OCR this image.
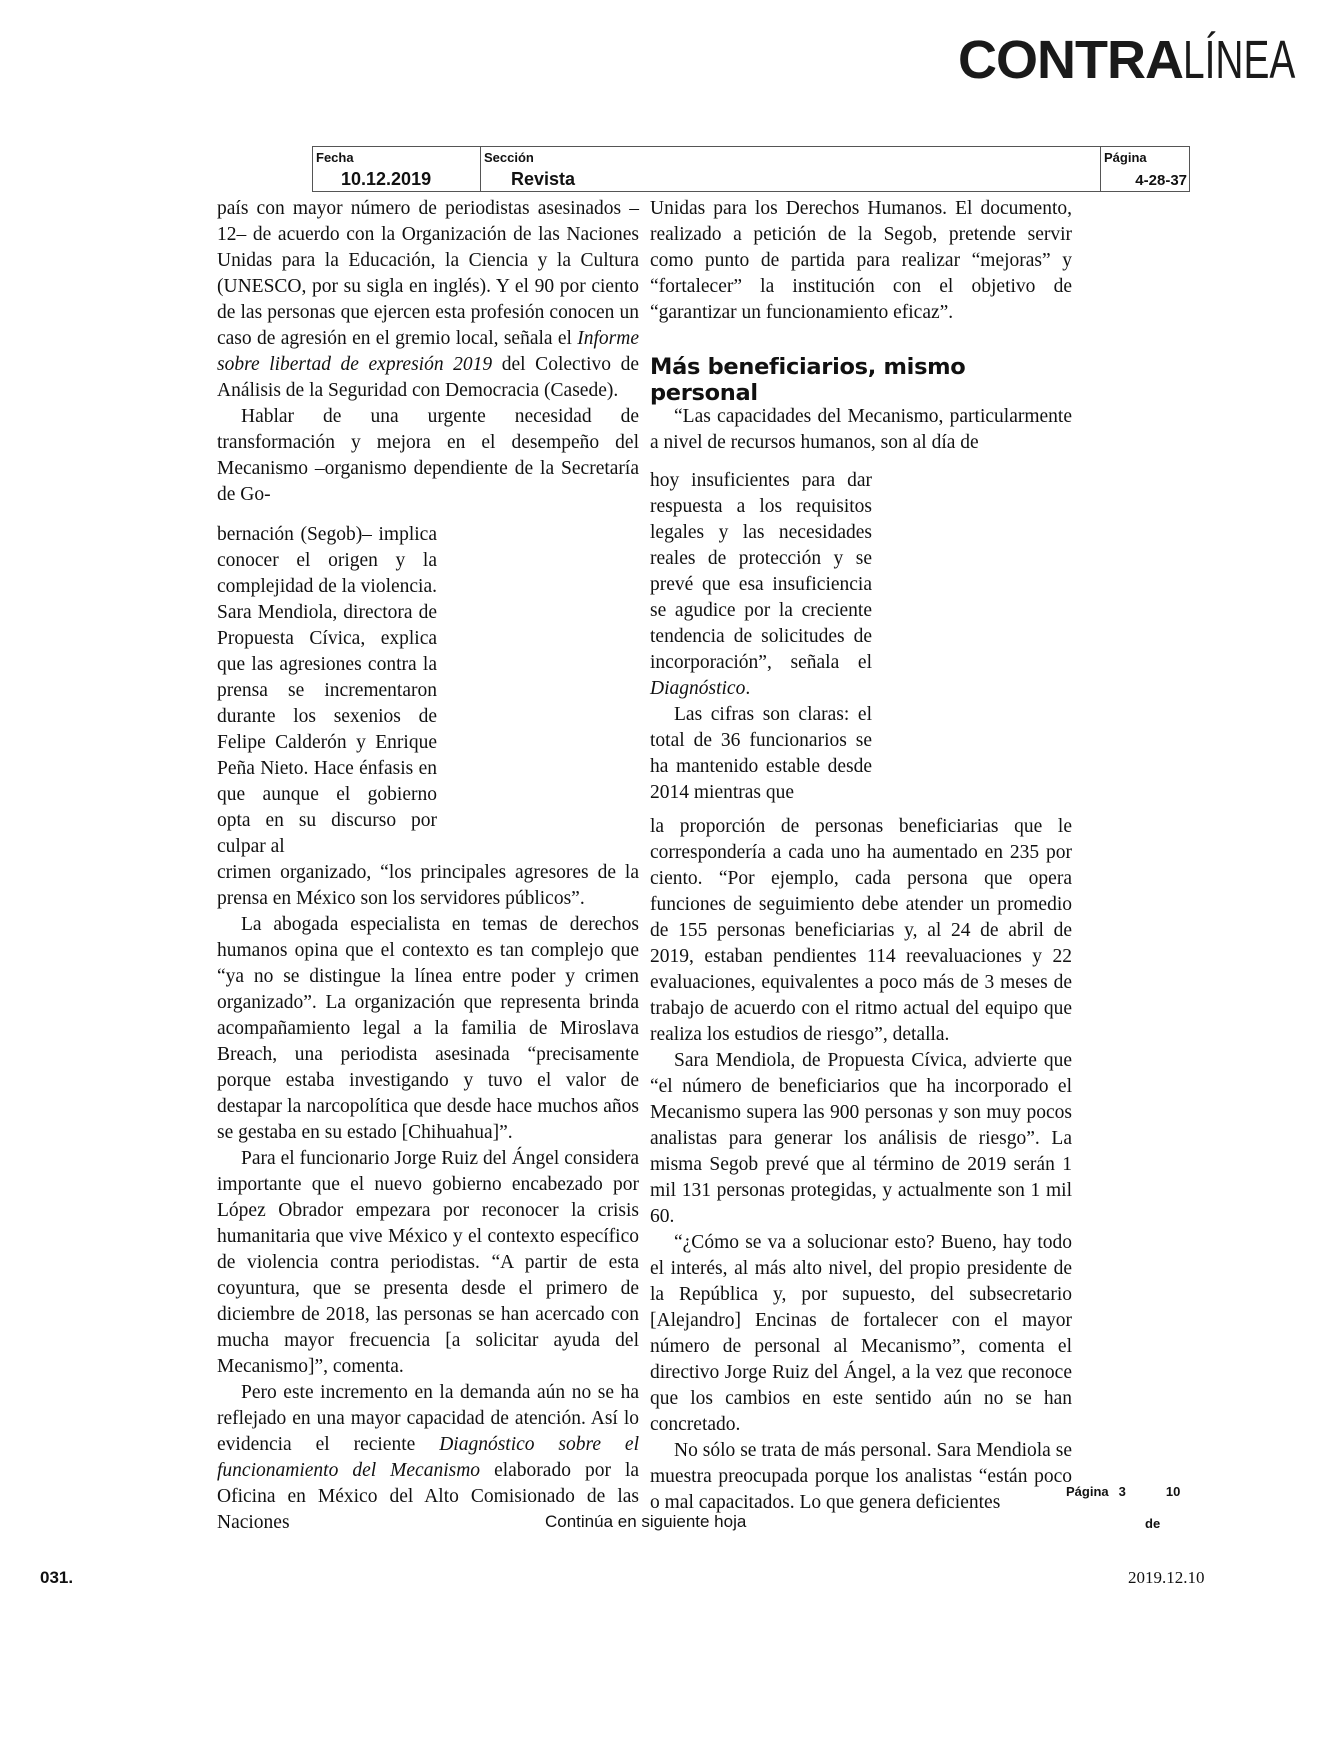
CONTRA LÍNEA
Fecha
10.12.2019
Sección
Revista
Página
4-28-37

país con mayor número de periodistas asesinados –12– de acuerdo con la Organización de las Naciones Unidas para la Educación, la Ciencia y la Cultura (UNESCO, por su sigla en inglés). Y el 90 por ciento de las personas que ejercen esta profesión conocen un caso de agresión en el gremio local, señala el Informe sobre libertad de expresión 2019 del Colectivo de Análisis de la Seguridad con Democracia (Casede).

Hablar de una urgente necesidad de transformación y mejora en el desempeño del Mecanismo –organismo dependiente de la Secretaría de Go-

bernación (Segob)– implica conocer el origen y la complejidad de la violencia. Sara Mendiola, directora de Propuesta Cívica, explica que las agresiones contra la prensa se incrementaron durante los sexenios de Felipe Calderón y Enrique Peña Nieto. Hace énfasis en que aunque el gobierno opta en su discurso por culpar al

crimen organizado, “los principales agresores de la prensa en México son los servidores públicos”.

La abogada especialista en temas de derechos humanos opina que el contexto es tan complejo que “ya no se distingue la línea entre poder y crimen organizado”. La organización que representa brinda acompañamiento legal a la familia de Miroslava Breach, una periodista asesinada “precisamente porque estaba investigando y tuvo el valor de destapar la narcopolítica que desde hace muchos años se gestaba en su estado [Chihuahua]”.

Para el funcionario Jorge Ruiz del Ángel considera importante que el nuevo gobierno encabezado por López Obrador empezara por reconocer la crisis humanitaria que vive México y el contexto específico de violencia contra periodistas. “A partir de esta coyuntura, que se presenta desde el primero de diciembre de 2018, las personas se han acercado con mucha mayor frecuencia [a solicitar ayuda del Mecanismo]”, comenta.

Pero este incremento en la demanda aún no se ha reflejado en una mayor capacidad de atención. Así lo evidencia el reciente Diagnóstico sobre el funcionamiento del Mecanismo elaborado por la Oficina en México del Alto Comisionado de las Naciones

Unidas para los Derechos Humanos. El documento, realizado a petición de la Segob, pretende servir como punto de partida para realizar “mejoras” y “fortalecer” la institución con el objetivo de “garantizar un funcionamiento eficaz”.

Más beneficiarios, mismo personal

“Las capacidades del Mecanismo, particularmente a nivel de recursos humanos, son al día de

hoy insuficientes para dar respuesta a los requisitos legales y las necesidades reales de protección y se prevé que esa insuficiencia se agudice por la creciente tendencia de solicitudes de incorporación”, señala el Diagnóstico.

Las cifras son claras: el total de 36 funcionarios se ha mantenido estable desde 2014 mientras que

la proporción de personas beneficiarias que le correspondería a cada uno ha aumentado en 235 por ciento. “Por ejemplo, cada persona que opera funciones de seguimiento debe atender un promedio de 155 personas beneficiarias y, al 24 de abril de 2019, estaban pendientes 114 reevaluaciones y 22 evaluaciones, equivalentes a poco más de 3 meses de trabajo de acuerdo con el ritmo actual del equipo que realiza los estudios de riesgo”, detalla.

Sara Mendiola, de Propuesta Cívica, advierte que “el número de beneficiarios que ha incorporado el Mecanismo supera las 900 personas y son muy pocos analistas para generar los análisis de riesgo”. La misma Segob prevé que al término de 2019 serán 1 mil 131 personas protegidas, y actualmente son 1 mil 60.

“¿Cómo se va a solucionar esto? Bueno, hay todo el interés, al más alto nivel, del propio presidente de la República y, por supuesto, del subsecretario [Alejandro] Encinas de fortalecer con el mayor número de personal al Mecanismo”, comenta el directivo Jorge Ruiz del Ángel, a la vez que reconoce que los cambios en este sentido aún no se han concretado.

No sólo se trata de más personal. Sara Mendiola se muestra preocupada porque los analistas “están poco o mal capacitados. Lo que genera deficientes

Página 3	10
de
Continúa en siguiente hoja
031.	2019.12.10
